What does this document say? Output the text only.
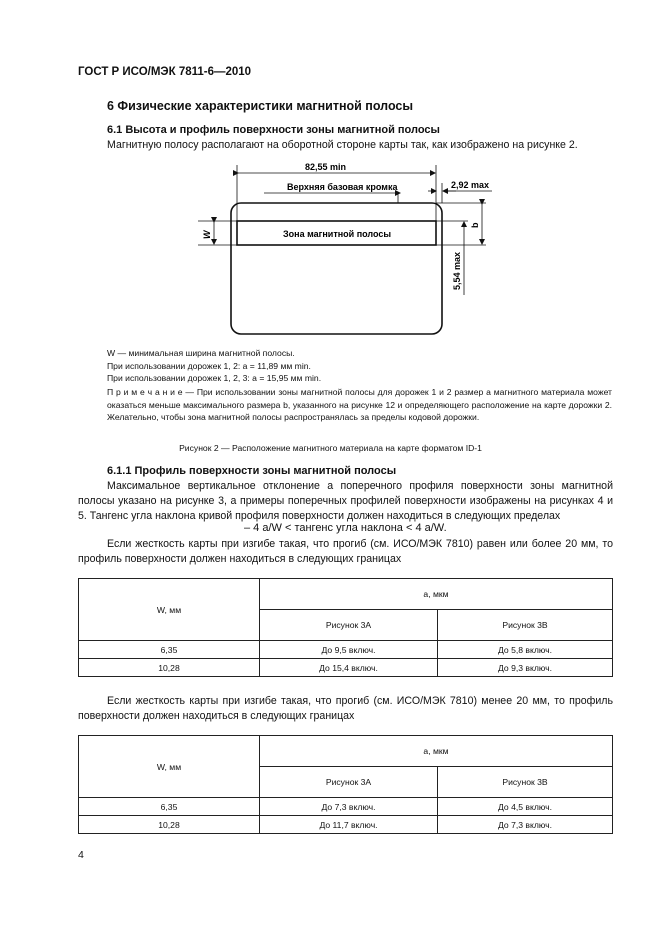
ГОСТ Р ИСО/МЭК 7811-6—2010
6 Физические характеристики магнитной полосы
6.1 Высота и профиль поверхности зоны магнитной полосы
Магнитную полосу располагают на оборотной стороне карты так, как изображено на рисунке 2.
82,55 min
Верхняя базовая кромка	2,92 max
Зона магнитной полосы
W
b
5,54 max
W — минимальная ширина магнитной полосы.
При использовании дорожек 1, 2: a = 11,89 мм min.
При использовании дорожек 1, 2, 3: a = 15,95 мм min.
П р и м е ч а н и е — При использовании зоны магнитной полосы для дорожек 1 и 2 размер a магнитного материала может оказаться меньше максимального размера b, указанного на рисунке 12 и определяющего расположение на карте дорожки 2. Желательно, чтобы зона магнитной полосы распространялась за пределы кодовой дорожки.
Рисунок 2 — Расположение магнитного материала на карте форматом ID-1
6.1.1 Профиль поверхности зоны магнитной полосы
Максимальное вертикальное отклонение a поперечного профиля поверхности зоны магнитной полосы указано на рисунке 3, а примеры поперечных профилей поверхности изображены на рисунках 4 и 5. Тангенс угла наклона кривой профиля поверхности должен находиться в следующих пределах
– 4 a/W < тангенс угла наклона < 4 a/W.
Если жесткость карты при изгибе такая, что прогиб (см. ИСО/МЭК 7810) равен или более 20 мм, то профиль поверхности должен находиться в следующих границах
W, мм	a, мкм	
	Рисунок 3А	Рисунок 3В
6,35	До 9,5 включ.	До 5,8 включ.
10,28	До 15,4 включ.	До 9,3 включ.
Если жесткость карты при изгибе такая, что прогиб (см. ИСО/МЭК 7810) менее 20 мм, то профиль поверхности должен находиться в следующих границах
W, мм	a, мкм	
	Рисунок 3А	Рисунок 3В
6,35	До 7,3 включ.	До 4,5 включ.
10,28	До 11,7 включ.	До 7,3 включ.
4
